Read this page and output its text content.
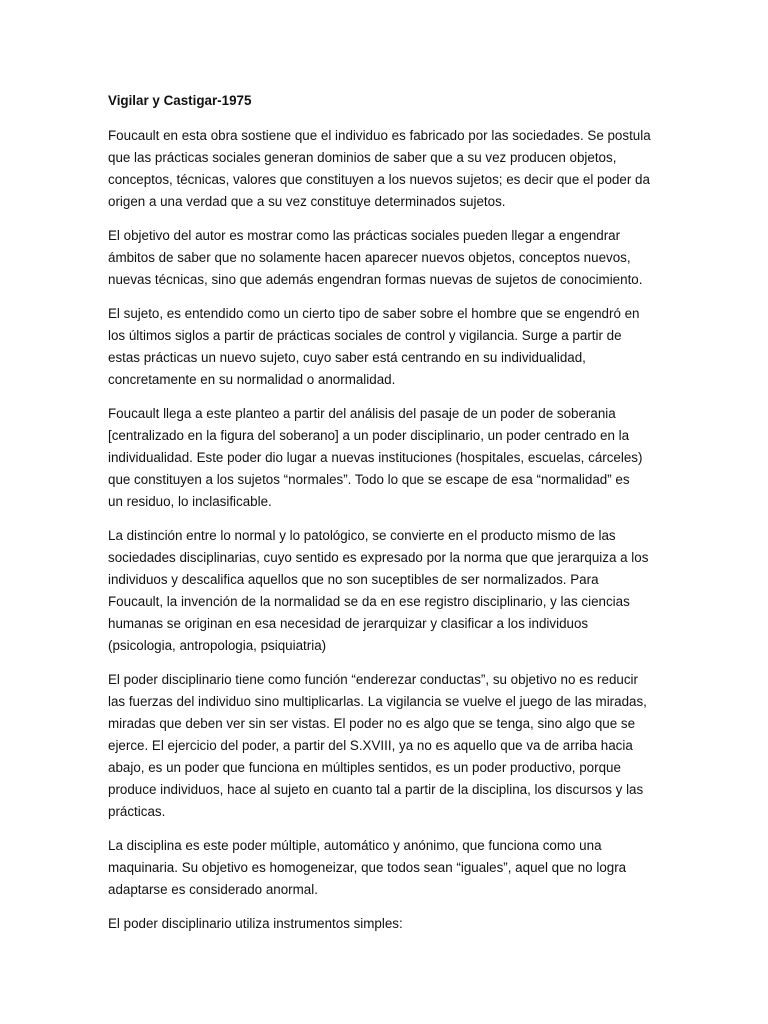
Vigilar y Castigar-1975
Foucault en esta obra sostiene que el individuo es fabricado por las sociedades. Se postula
que las prácticas sociales generan dominios de saber que a su vez producen objetos,
conceptos, técnicas, valores que constituyen a los nuevos sujetos; es decir que el poder da
origen a una verdad que a su vez constituye determinados sujetos.
El objetivo del autor es mostrar como las prácticas sociales pueden llegar a engendrar
ámbitos de saber que no solamente hacen aparecer nuevos objetos, conceptos nuevos,
nuevas técnicas, sino que además engendran formas nuevas de sujetos de conocimiento.
El sujeto, es entendido como un cierto tipo de saber sobre el hombre que se engendró en
los últimos siglos a partir de prácticas sociales de control y vigilancia. Surge a partir de
estas prácticas un nuevo sujeto, cuyo saber está centrando en su individualidad,
concretamente en su normalidad o anormalidad.
Foucault llega a este planteo a partir del análisis del pasaje de un poder de soberania
[centralizado en la figura del soberano] a un poder disciplinario, un poder centrado en la
individualidad. Este poder dio lugar a nuevas instituciones (hospitales, escuelas, cárceles)
que constituyen a los sujetos “normales”. Todo lo que se escape de esa “normalidad” es
un residuo, lo inclasificable.
La distinción entre lo normal y lo patológico, se convierte en el producto mismo de las
sociedades disciplinarias, cuyo sentido es expresado por la norma que que jerarquiza a los
individuos y descalifica aquellos que no son suceptibles de ser normalizados. Para
Foucault, la invención de la normalidad se da en ese registro disciplinario, y las ciencias
humanas se originan en esa necesidad de jerarquizar y clasificar a los individuos
(psicologia, antropologia, psiquiatria)
El poder disciplinario tiene como función “enderezar conductas”, su objetivo no es reducir
las fuerzas del individuo sino multiplicarlas. La vigilancia se vuelve el juego de las miradas,
miradas que deben ver sin ser vistas. El poder no es algo que se tenga, sino algo que se
ejerce. El ejercicio del poder, a partir del S.XVIII, ya no es aquello que va de arriba hacia
abajo, es un poder que funciona en múltiples sentidos, es un poder productivo, porque
produce individuos, hace al sujeto en cuanto tal a partir de la disciplina, los discursos y las
prácticas.
La disciplina es este poder múltiple, automático y anónimo, que funciona como una
maquinaria. Su objetivo es homogeneizar, que todos sean “iguales”, aquel que no logra
adaptarse es considerado anormal.
El poder disciplinario utiliza instrumentos simples:
